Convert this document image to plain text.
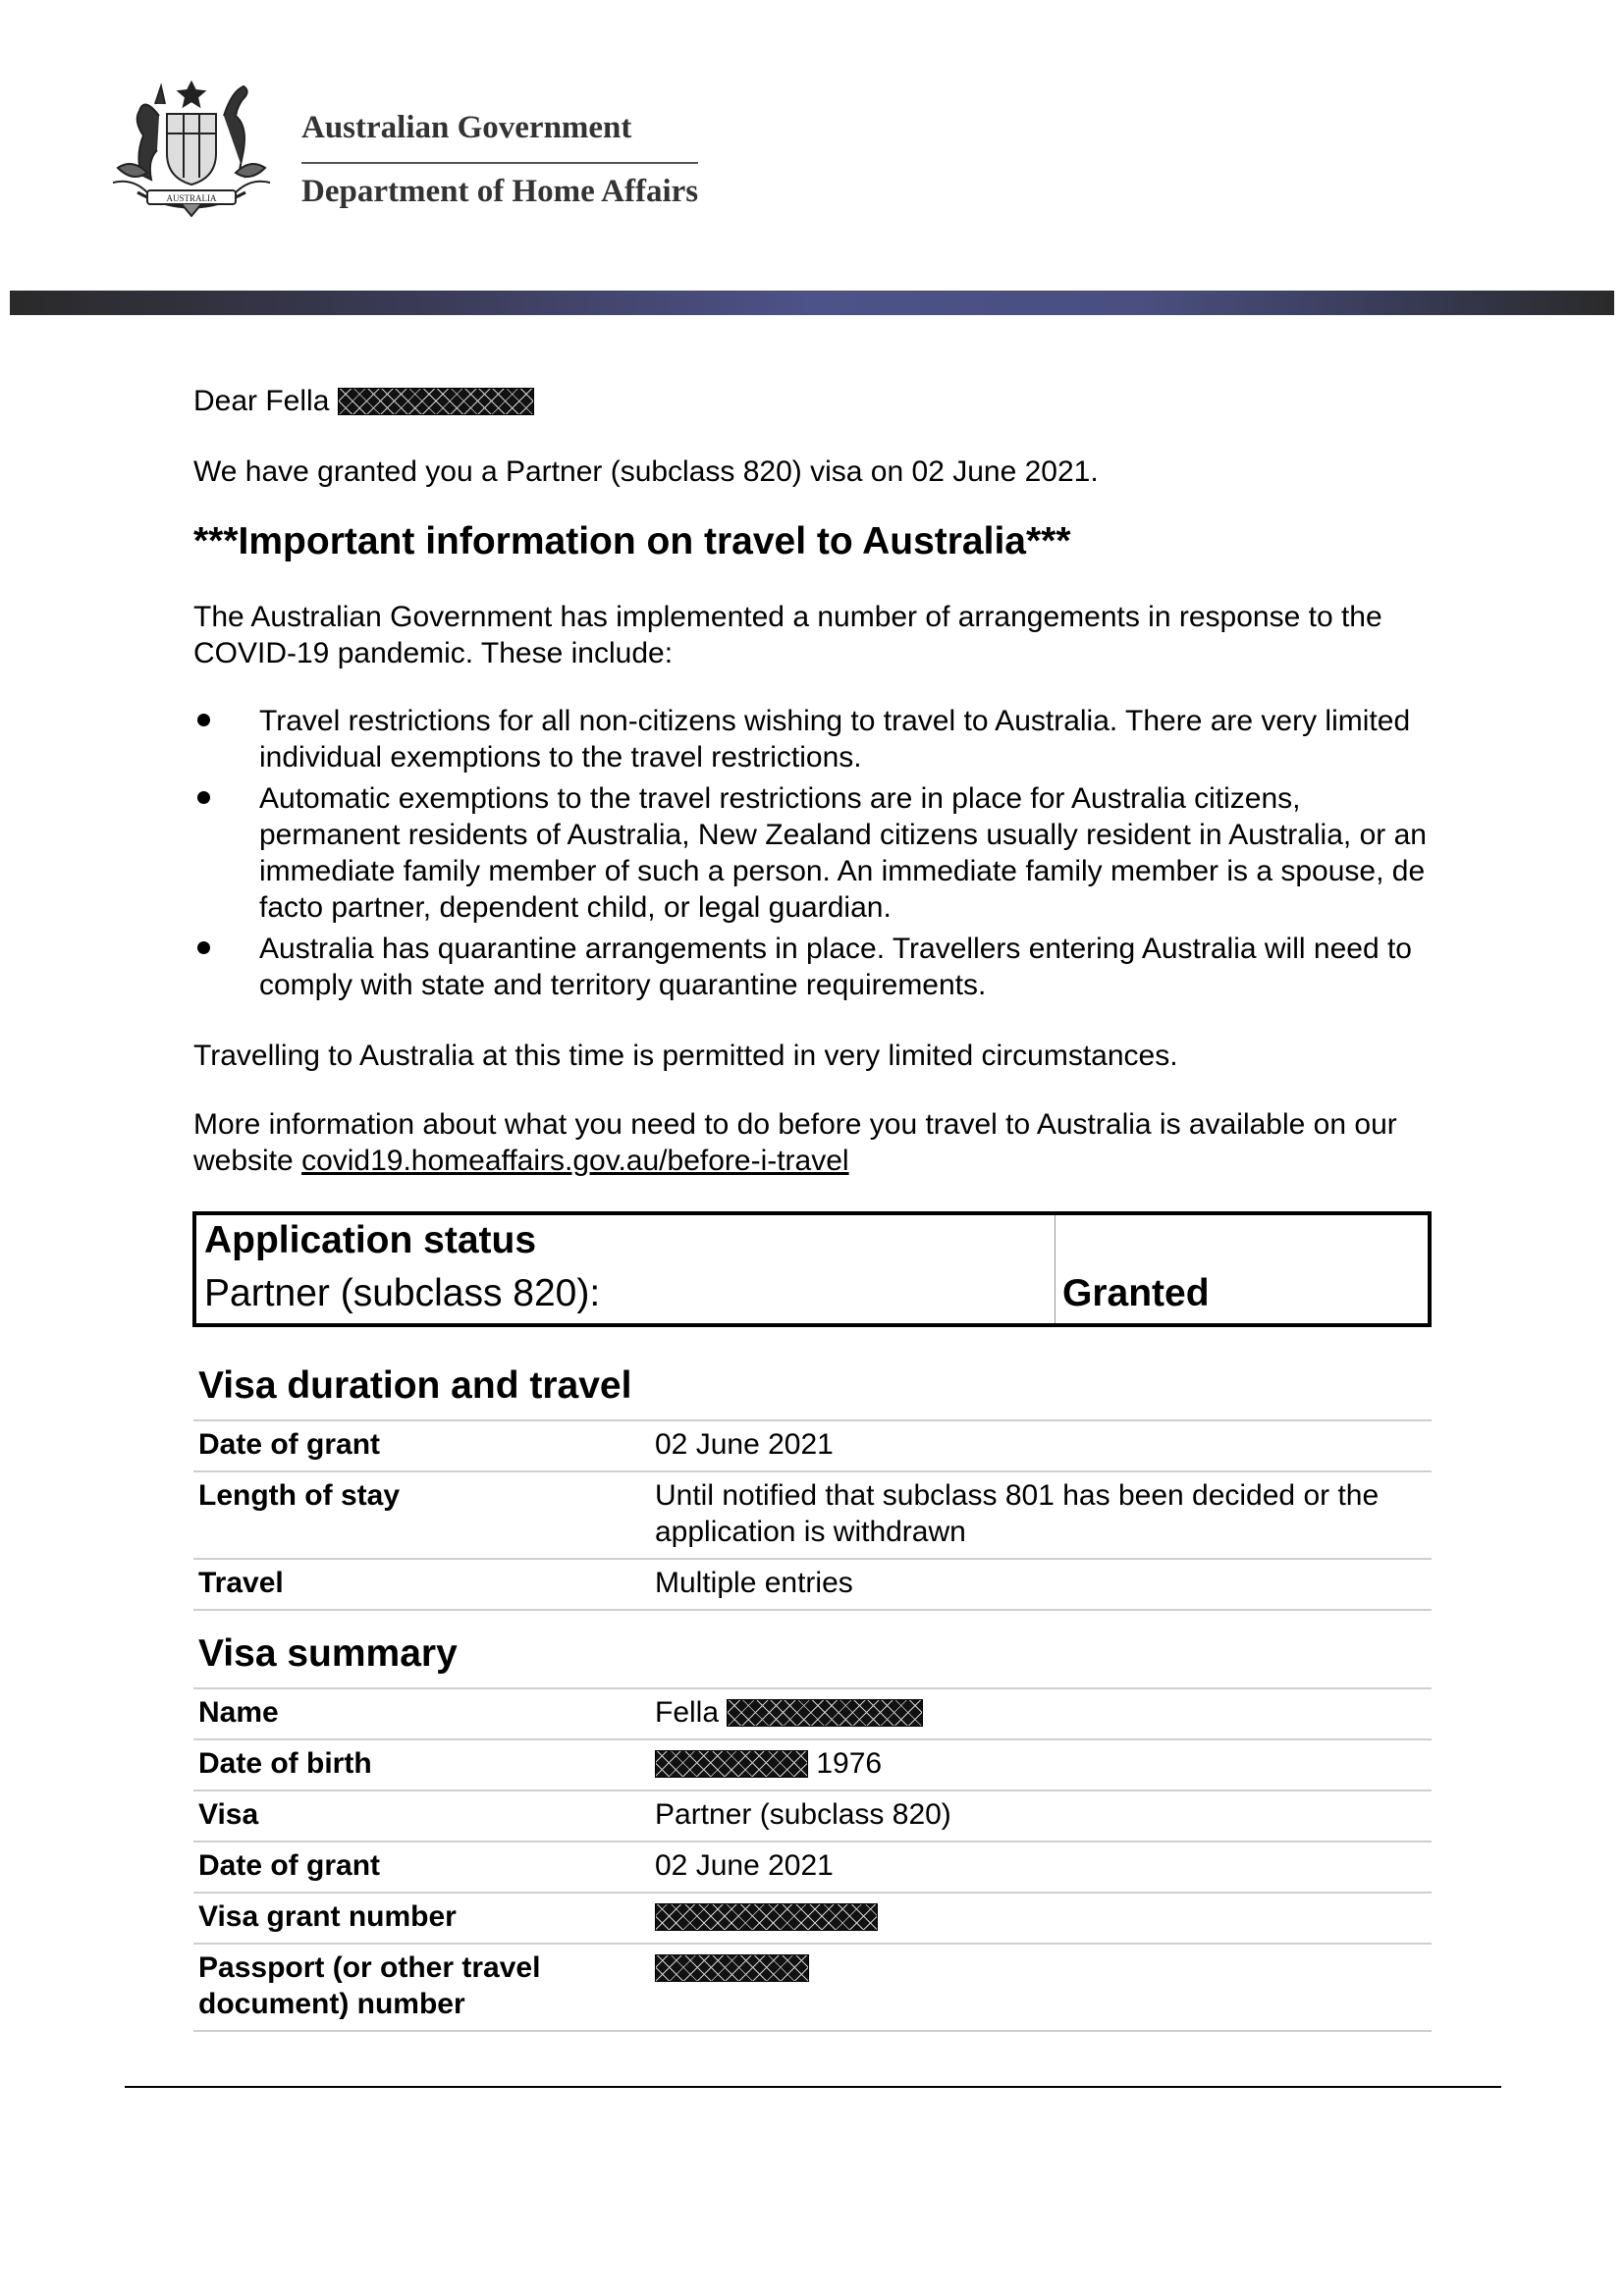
AUSTRALIA
Australian Government
Department of Home Affairs
Dear Fella
We have granted you a Partner (subclass 820) visa on 02 June 2021.
***Important information on travel to Australia***
The Australian Government has implemented a number of arrangements in response to the COVID-19 pandemic. These include:
Travel restrictions for all non-citizens wishing to travel to Australia. There are very limited individual exemptions to the travel restrictions.
Automatic exemptions to the travel restrictions are in place for Australia citizens, permanent residents of Australia, New Zealand citizens usually resident in Australia, or an immediate family member of such a person. An immediate family member is a spouse, de facto partner, dependent child, or legal guardian.
Australia has quarantine arrangements in place. Travellers entering Australia will need to comply with state and territory quarantine requirements.
Travelling to Australia at this time is permitted in very limited circumstances.
More information about what you need to do before you travel to Australia is available on our website covid19.homeaffairs.gov.au/before-i-travel
Application status
Partner (subclass 820):	Granted
Visa duration and travel
Date of grant	02 June 2021
Length of stay	Until notified that subclass 801 has been decided or the application is withdrawn
Travel	Multiple entries
Visa summary
Name	Fella
Date of birth	1976
Visa	Partner (subclass 820)
Date of grant	02 June 2021
Visa grant number	
Passport (or other travel document) number	
